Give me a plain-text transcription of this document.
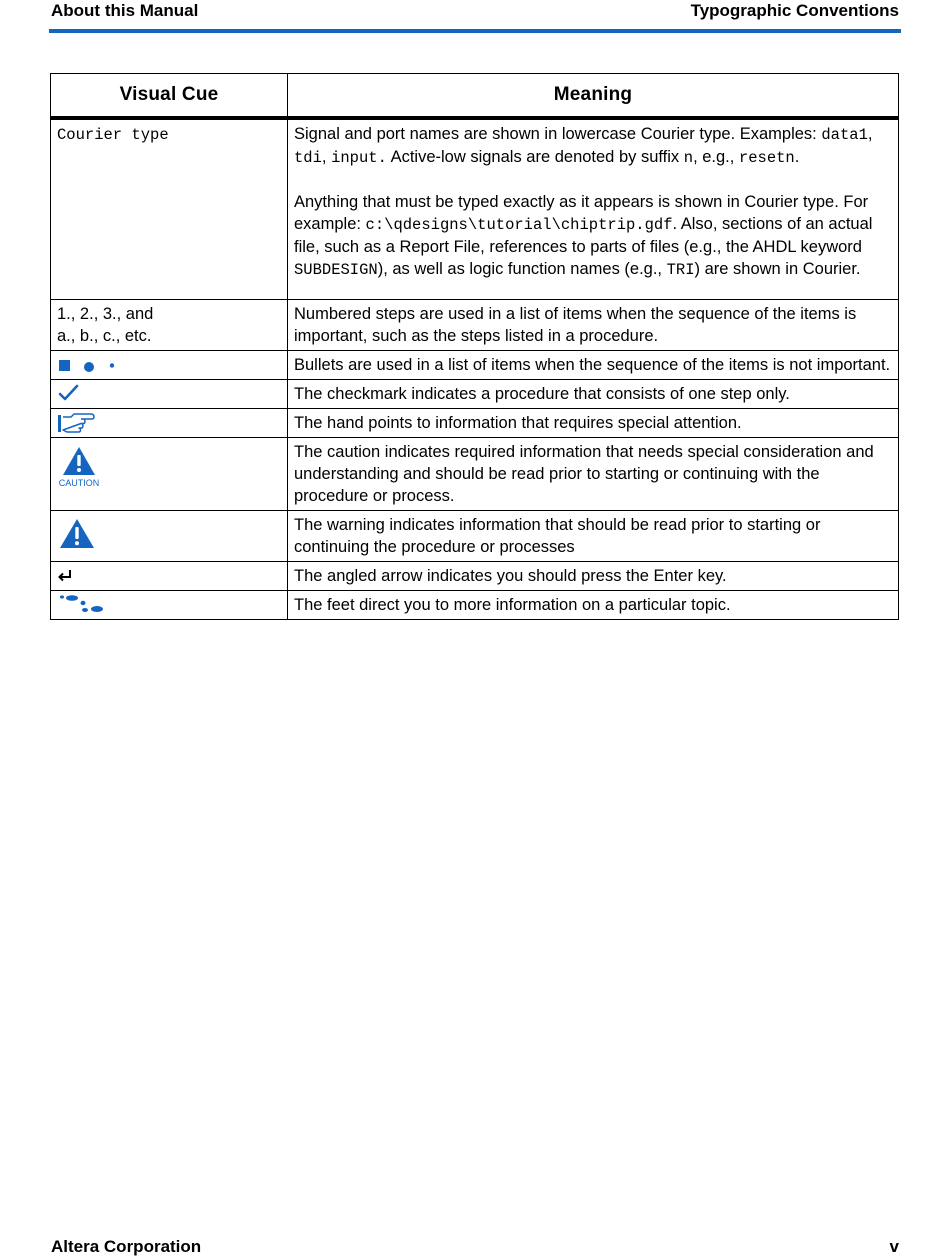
About this Manual	Typographic Conventions
Visual Cue	Meaning
Courier type	Signal and port names are shown in lowercase Courier type. Examples: data1, tdi, input. Active-low signals are denoted by suffix n, e.g., resetn.

Anything that must be typed exactly as it appears is shown in Courier type. For example: c:\qdesigns\tutorial\chiptrip.gdf. Also, sections of an actual file, such as a Report File, references to parts of files (e.g., the AHDL keyword SUBDESIGN), as well as logic function names (e.g., TRI) are shown in Courier.

1., 2., 3., and
a., b., c., etc.	Numbered steps are used in a list of items when the sequence of the items is important, such as the steps listed in a procedure.
	Bullets are used in a list of items when the sequence of the items is not important.
	The checkmark indicates a procedure that consists of one step only.
	The hand points to information that requires special attention.

CAUTION	The caution indicates required information that needs special consideration and understanding and should be read prior to starting or continuing with the procedure or process.
	The warning indicates information that should be read prior to starting or continuing the procedure or processes
	The angled arrow indicates you should press the Enter key.
	The feet direct you to more information on a particular topic.
Altera Corporation	v
